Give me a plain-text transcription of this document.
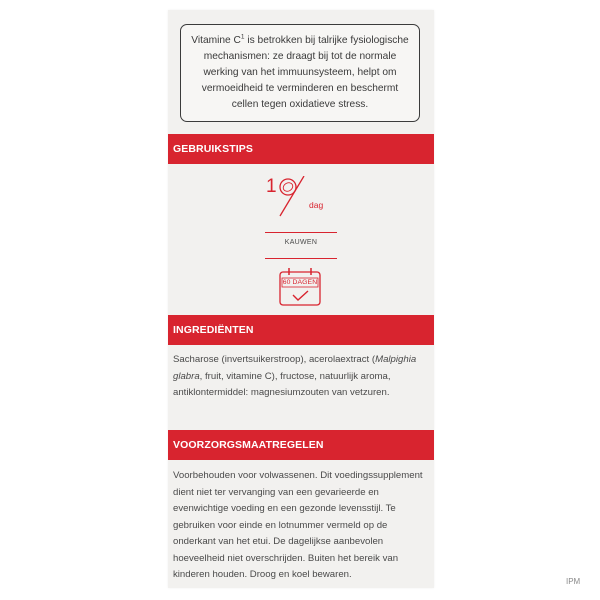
Vitamine $C^1$ is betrokken bij talrijke fysiologische mechanismen: ze draagt bij tot de normale werking van het immuunsysteem, helpt om vermoeidheid te verminderen en beschermt cellen tegen oxidatieve stress.
GEBRUIKSTIPS
1
dag
KAUWEN
60 DAGEN
INGREDIËNTEN
Sacharose (invertsuikerstroop), acerolaextract (Malpighia glabra, fruit, vitamine C), fructose, natuurlijk aroma, antiklontermiddel: magnesiumzouten van vetzuren.
VOORZORGSMAATREGELEN
Voorbehouden voor volwassenen. Dit voedingssupplement dient niet ter vervanging van een gevarieerde en evenwichtige voeding en een gezonde levensstijl. Te gebruiken voor einde en lotnummer vermeld op de onderkant van het etui. De dagelijkse aanbevolen hoeveelheid niet overschrijden. Buiten het bereik van kinderen houden. Droog en koel bewaren.
IPM
